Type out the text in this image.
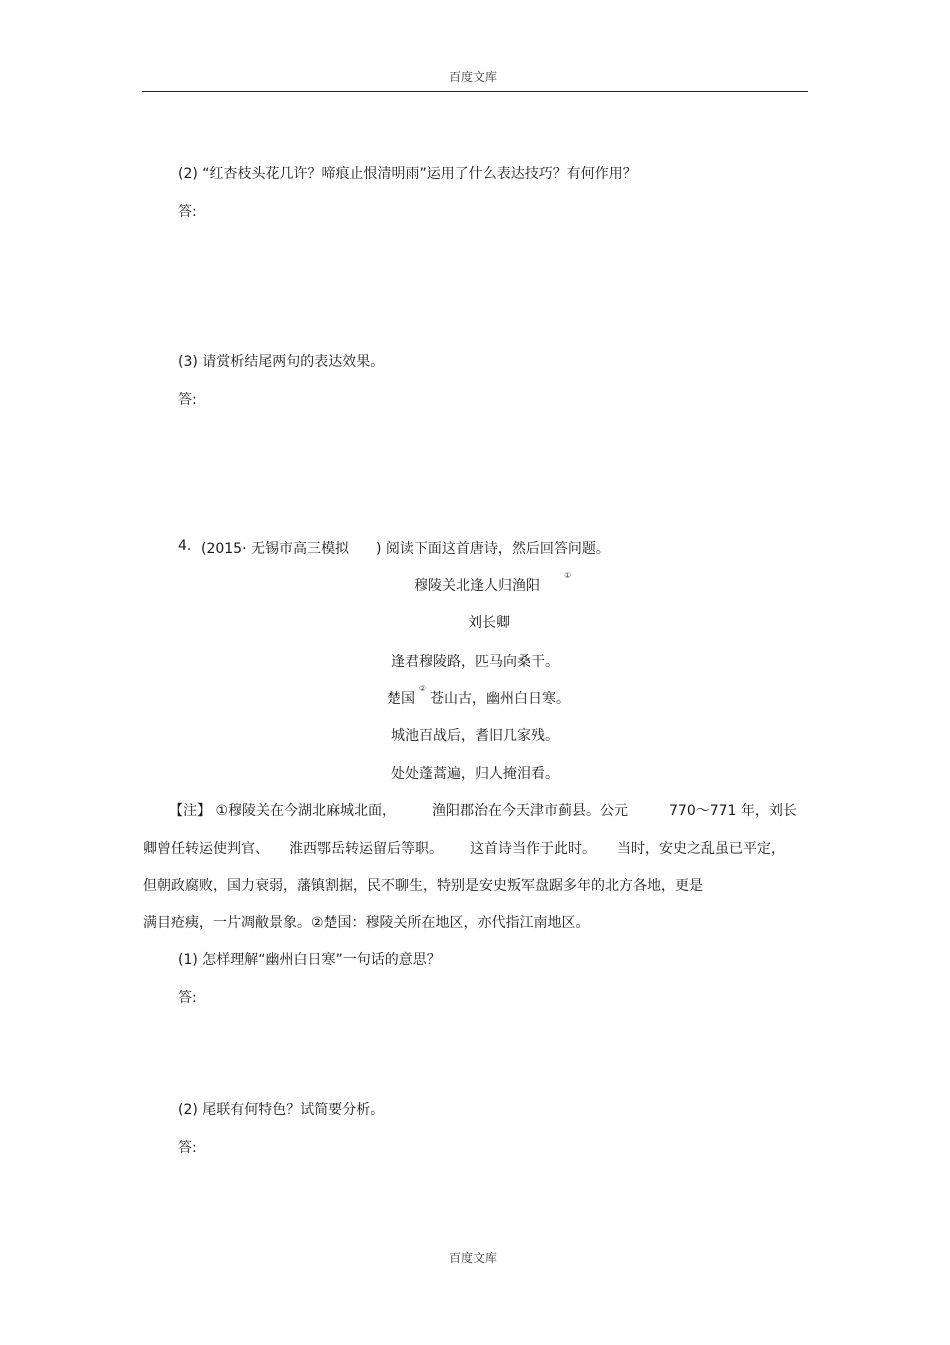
百度文库
(2) “红杏枝头花几许？啼痕止恨清明雨”运用了什么表达技巧？有何作用？
答:
(3) 请赏析结尾两句的表达效果。
答:
4. (2015· 无锡市高三模拟 ) 阅读下面这首唐诗，然后回答问题。
穆陵关北逢人归渔阳
①
刘长卿
逢君穆陵路，匹马向桑干。
楚国
②
苍山古，幽州白日寒。
城池百战后，耆旧几家残。
处处蓬蒿遍，归人掩泪看。
【注】 ①穆陵关在今湖北麻城北面，	渔阳郡治在今天津市蓟县。公元	770～771 年，刘长
卿曾任转运使判官、 淮西鄂岳转运留后等职。 这首诗当作于此时。 当时，安史之乱虽已平定，
但朝政腐败，国力衰弱，藩镇割据，民不聊生，特别是安史叛军盘踞多年的北方各地，更是
满目疮痍，一片凋敝景象。②楚国：穆陵关所在地区，亦代指江南地区。
(1) 怎样理解“幽州白日寒”一句话的意思？
答:
(2) 尾联有何特色？试简要分析。
答:
百度文库
